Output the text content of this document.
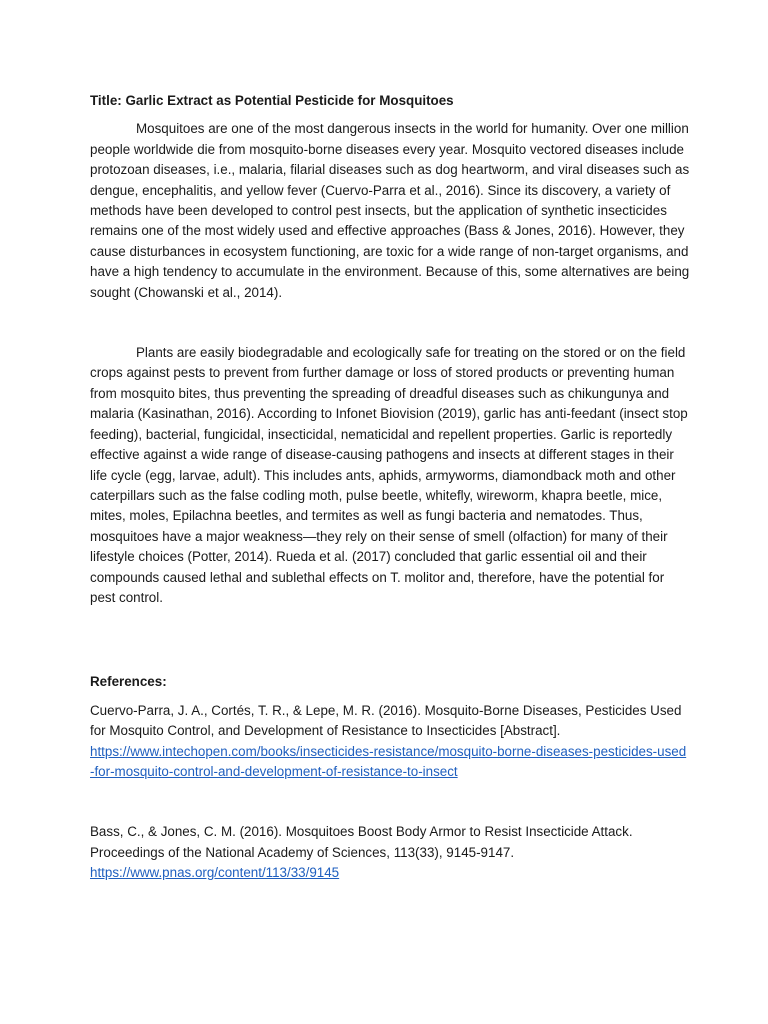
Title: Garlic Extract as Potential Pesticide for Mosquitoes

Mosquitoes are one of the most dangerous insects in the world for humanity. Over one million people worldwide die from mosquito-borne diseases every year. Mosquito vectored diseases include protozoan diseases, i.e., malaria, filarial diseases such as dog heartworm, and viral diseases such as dengue, encephalitis, and yellow fever (Cuervo-Parra et al., 2016). Since its discovery, a variety of methods have been developed to control pest insects, but the application of synthetic insecticides remains one of the most widely used and effective approaches (Bass & Jones, 2016). However, they cause disturbances in ecosystem functioning, are toxic for a wide range of non-target organisms, and have a high tendency to accumulate in the environment. Because of this, some alternatives are being sought (Chowanski et al., 2014).

Plants are easily biodegradable and ecologically safe for treating on the stored or on the field crops against pests to prevent from further damage or loss of stored products or preventing human from mosquito bites, thus preventing the spreading of dreadful diseases such as chikungunya and malaria (Kasinathan, 2016). According to Infonet Biovision (2019), garlic has anti-feedant (insect stop feeding), bacterial, fungicidal, insecticidal, nematicidal and repellent properties. Garlic is reportedly effective against a wide range of disease-causing pathogens and insects at different stages in their life cycle (egg, larvae, adult). This includes ants, aphids, armyworms, diamondback moth and other caterpillars such as the false codling moth, pulse beetle, whitefly, wireworm, khapra beetle, mice, mites, moles, Epilachna beetles, and termites as well as fungi bacteria and nematodes. Thus, mosquitoes have a major weakness—they rely on their sense of smell (olfaction) for many of their lifestyle choices (Potter, 2014). Rueda et al. (2017) concluded that garlic essential oil and their compounds caused lethal and sublethal effects on T. molitor and, therefore, have the potential for pest control.

References:

Cuervo-Parra, J. A., Cortés, T. R., & Lepe, M. R. (2016). Mosquito-Borne Diseases, Pesticides Used for Mosquito Control, and Development of Resistance to Insecticides [Abstract].
https://www.intechopen.com/books/insecticides-resistance/mosquito-borne-diseases-pesticides-used-for-mosquito-control-and-development-of-resistance-to-insect
Bass, C., & Jones, C. M. (2016). Mosquitoes Boost Body Armor to Resist Insecticide Attack. Proceedings of the National Academy of Sciences, 113(33), 9145-9147.
https://www.pnas.org/content/113/33/9145
